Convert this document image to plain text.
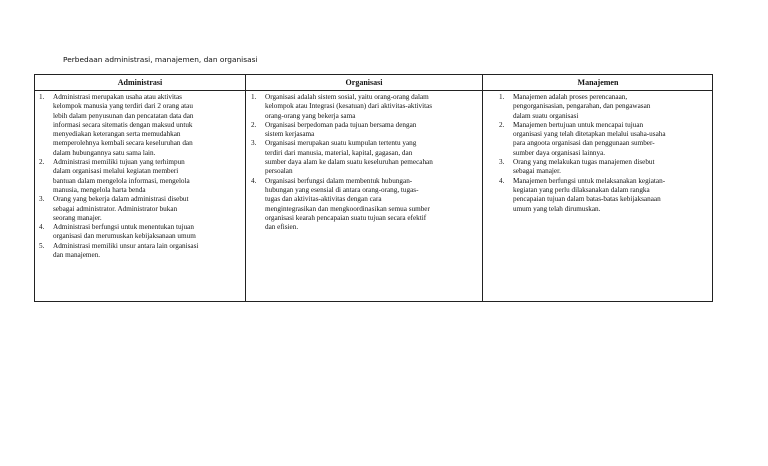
Perbedaan administrasi, manajemen, dan organisasi
Administrasi	Organisasi	Manajemen
1. Administrasi merupakan usaha atau aktivitas
kelompok manusia yang terdiri dari 2 orang atau
lebih dalam penyusunan dan pencatatan data dan
informasi secara sitematis dengan maksud untuk
menyediakan keterangan serta memudahkan
memperolehnya kembali secara keseluruhan dan
dalam hubungannya satu sama lain.
2. Administrasi memiliki tujuan yang terhimpun
dalam organisasi melalui kegiatan memberi
bantuan dalam mengelola informasi, mengelola
manusia, mengelola harta benda
3. Orang yang bekerja dalam administrasi disebut
sebagai administrator. Administrator bukan
seorang manajer.
4. Administrasi berfungsi untuk menentukan tujuan
organisasi dan merumuskan kebijaksanaan umum
5. Administrasi memiliki unsur antara lain organisasi
dan manajemen.
1. Organisasi adalah sistem sosial, yaitu orang-orang dalam
kelompok atau Integrasi (kesatuan) dari aktivitas-aktivitas
orang-orang yang bekerja sama
2. Organisasi berpedoman pada tujuan bersama dengan
sistem kerjasama
3. Organisasi merupakan suatu kumpulan tertentu yang
terdiri dari manusia, material, kapital, gagasan, dan
sumber daya alam ke dalam suatu keseluruhan pemecahan
persoalan
4. Organisasi berfungsi dalam membentuk hubungan-
hubungan yang esensial di antara orang-orang, tugas-
tugas dan aktivitas-aktivitas dengan cara
mengintegrasikan dan mengkoordinasikan semua sumber
organisasi kearah pencapaian suatu tujuan secara efektif
dan efisien.
1. Manajemen adalah proses perencanaan,
pengorganisasian, pengarahan, dan pengawasan
dalam suatu organisasi
2. Manajemen bertujuan untuk mencapai tujuan
organisasi yang telah ditetapkan melalui usaha-usaha
para angoota organisasi dan penggunaan sumber-
sumber daya organisasi lainnya.
3. Orang yang melakukan tugas manajemen disebut
sebagai manajer.
4. Manajemen berfungsi untuk melaksanakan kegiatan-
kegiatan yang perlu dilaksanakan dalam rangka
pencapaian tujuan dalam batas-batas kebijaksanaan
umum yang telah dirumuskan.
